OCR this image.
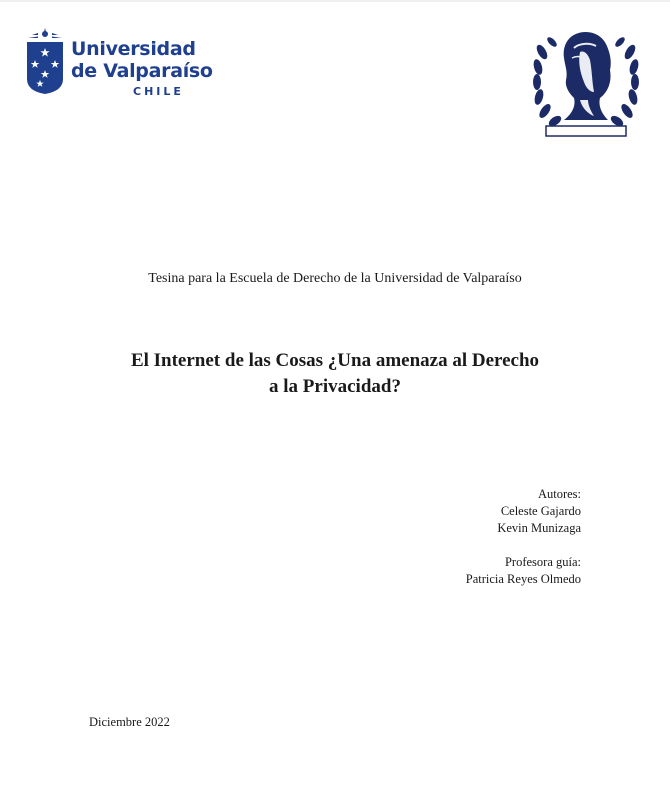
Universidad
de Valparaíso
CHILE
Tesina para la Escuela de Derecho de la Universidad de Valparaíso
El Internet de las Cosas ¿Una amenaza al Derecho
a la Privacidad?
Autores:
Celeste Gajardo
Kevin Munizaga
Profesora guía:
Patricia Reyes Olmedo
Diciembre 2022
